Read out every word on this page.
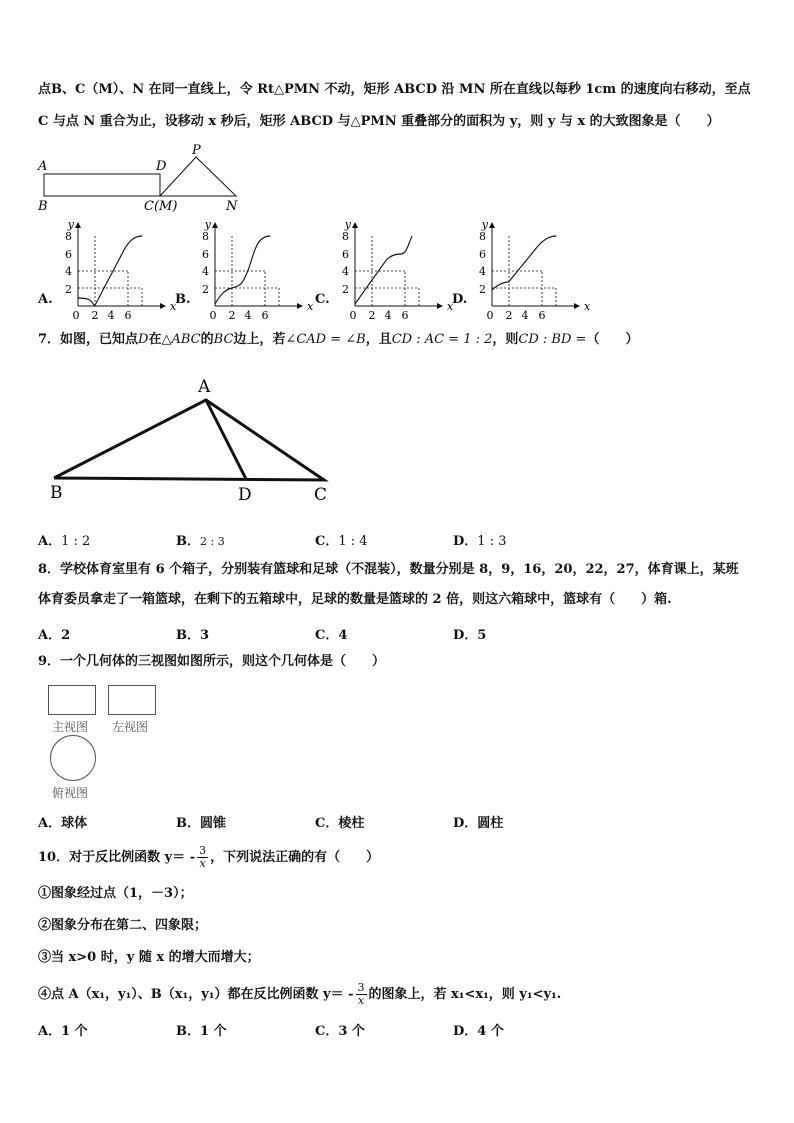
点B、C（M）、N 在同一直线上，令 Rt△PMN 不动，矩形 ABCD 沿 MN 所在直线以每秒 1cm 的速度向右移动，至点
C 与点 N 重合为止，设移动 x 秒后，矩形 ABCD 与△PMN 重叠部分的面积为 y，则 y 与 x 的大致图象是（　　）
A	D
P
B	C(M)	N
A.
y
x
2
4
6
8
0 2 4 6
B.
y
x
2
4
6
8
0 2 4 6
C.
y
x
2
4
6
8
0 2 4 6
D.
y
x
2
4
6
8
0 2 4 6
7．如图，已知点D在△ABC的BC边上，若∠CAD = ∠B，且CD : AC = 1 : 2，则CD : BD =（　　）
A
B	D	C
A．1 : 2	B．2 : 3	C．1 : 4	D．1 : 3
8．学校体育室里有 6 个箱子，分别装有篮球和足球（不混装），数量分别是 8，9，16，20，22，27，体育课上，某班
体育委员拿走了一箱篮球，在剩下的五箱球中，足球的数量是篮球的 2 倍，则这六箱球中，篮球有（　　）箱.
A．2	B．3	C．4	D．5
9．一个几何体的三视图如图所示，则这个几何体是（　　）
主视图 左视图
俯视图
A．球体	B．圆锥	C．棱柱	D．圆柱
10．对于反比例函数 $y= - \frac{3}{x}$ ，下列说法正确的有（　　）
①图象经过点（1，－3）；
②图象分布在第二、四象限；
③当 x>0 时，y 随 x 的增大而增大；
④点 A（x₁，y₁）、B（x₁，y₁）都在反比例函数 $y= - \frac{3}{x}$ 的图象上，若 x₁<x₁，则 y₁<y₁.
A．1 个	B．1 个	C．3 个	D．4 个
